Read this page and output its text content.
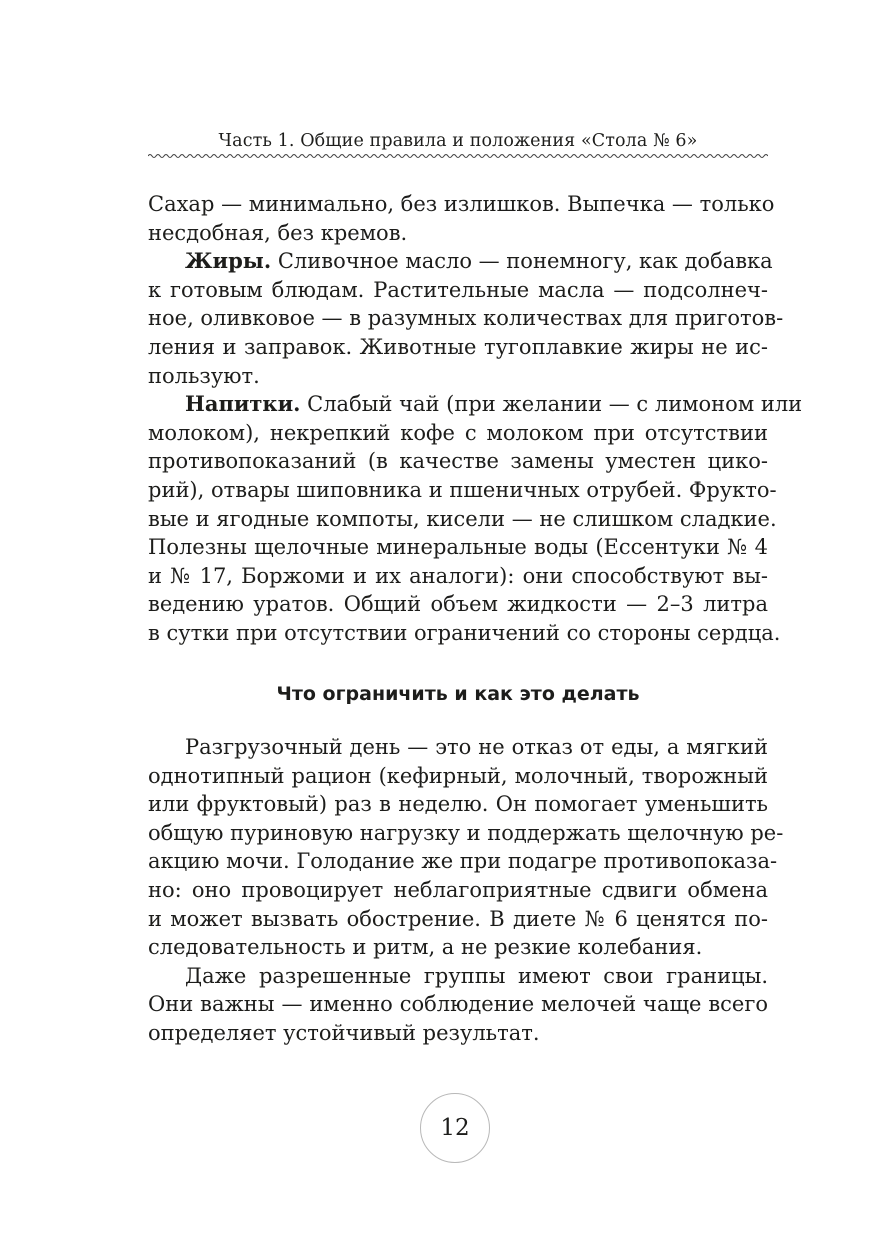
Часть 1. Общие правила и положения «Стола № 6»

Сахар — минимально, без излишков. Выпечка — только
несдобная, без кремов.

Жиры. Сливочное масло — понемногу, как добавка
к готовым блюдам. Растительные масла — подсолнеч-
ное, оливковое — в разумных количествах для приготов-
ления и заправок. Животные тугоплавкие жиры не ис-
пользуют.

Напитки. Слабый чай (при желании — с лимоном или
молоком), некрепкий кофе с молоком при отсутствии
противопоказаний (в качестве замены уместен цико-
рий), отвары шиповника и пшеничных отрубей. Фрукто-
вые и ягодные компоты, кисели — не слишком сладкие.
Полезны щелочные минеральные воды (Ессентуки № 4
и № 17, Боржоми и их аналоги): они способствуют вы-
ведению уратов. Общий объем жидкости — 2–3 литра
в сутки при отсутствии ограничений со стороны сердца.

Что ограничить и как это делать

Разгрузочный день — это не отказ от еды, а мягкий
однотипный рацион (кефирный, молочный, творожный
или фруктовый) раз в неделю. Он помогает уменьшить
общую пуриновую нагрузку и поддержать щелочную ре-
акцию мочи. Голодание же при подагре противопоказа-
но: оно провоцирует неблагоприятные сдвиги обмена
и может вызвать обострение. В диете № 6 ценятся по-
следовательность и ритм, а не резкие колебания.

Даже разрешенные группы имеют свои границы.
Они важны — именно соблюдение мелочей чаще всего
определяет устойчивый результат.

12
